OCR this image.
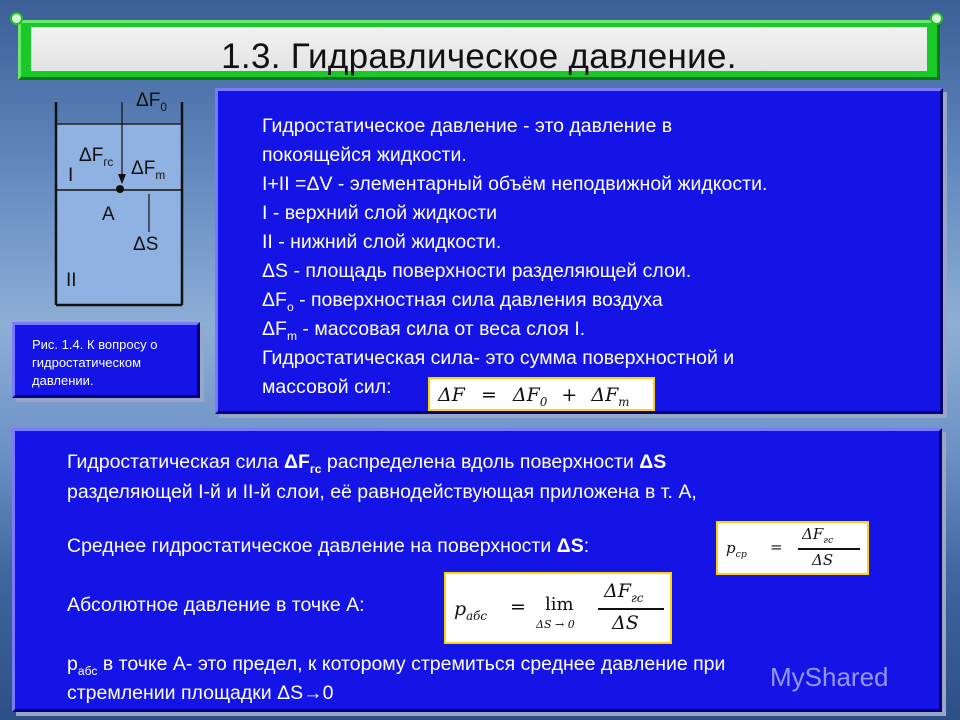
1.3. Гидравлическое давление.
$\Delta F_0$
$\Delta F_{гс}$ $\Delta F_m$
I
A
ΔS
II
Рис. 1.4. К вопросу о гидростатическом давлении.
Гидростатическое давление - это давление в
покоящейся жидкости.
I+II =ΔV - элементарный объём неподвижной жидкости.
I - верхний слой жидкости
II - нижний слой жидкости.
ΔS - площадь поверхности разделяющей слои.
$\Delta F_о$ - поверхностная сила давления воздуха
$\Delta F_m$ - массовая сила от веса слоя I.
Гидростатическая сила- это сумма поверхностной и
массовой сил: $\Delta F = \Delta F_0 + \Delta F_m$
Гидростатическая сила $\Delta F_{гс}$ распределена вдоль поверхности ΔS
разделяющей I-й и II-й слои, её равнодействующая приложена в т. А,
Среднее гидростатическое давление на поверхности ΔS:
Абсолютное давление в точке А:
$р_{абс}$ в точке А- это предел, к которому стремиться среднее давление при
стремлении площадки ΔS→0
$p_{ср}$ =
$\Delta F_{гс}$
ΔS
$p_{абс} = \lim$
ΔS → 0
$\Delta F_{гс}$
ΔS
MyShared
